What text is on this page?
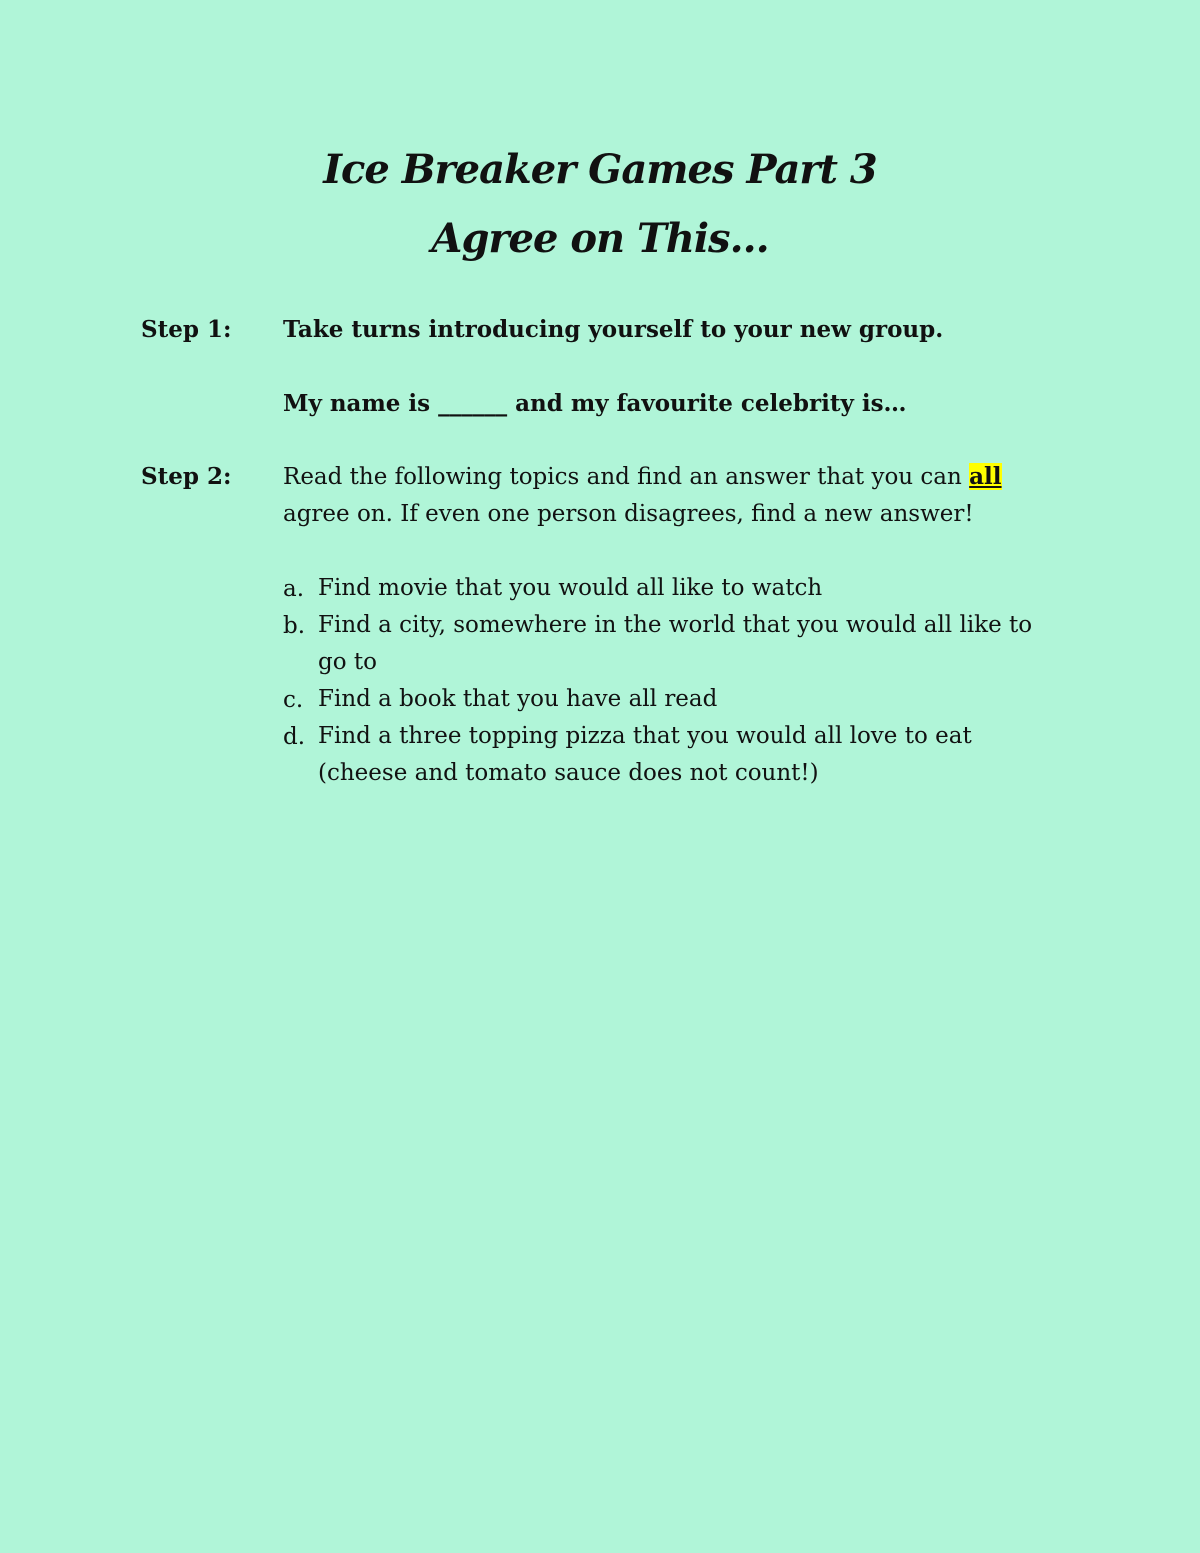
Ice Breaker Games Part 3
Agree on This…
Step 1: Take turns introducing yourself to your new group.
My name is ______ and my favourite celebrity is…
Step 2: Read the following topics and find an answer that you can all
agree on. If even one person disagrees, find a new answer!
a. Find movie that you would all like to watch
b. Find a city, somewhere in the world that you would all like to go to
c. Find a book that you have all read
d. Find a three topping pizza that you would all love to eat (cheese and tomato sauce does not count!)
